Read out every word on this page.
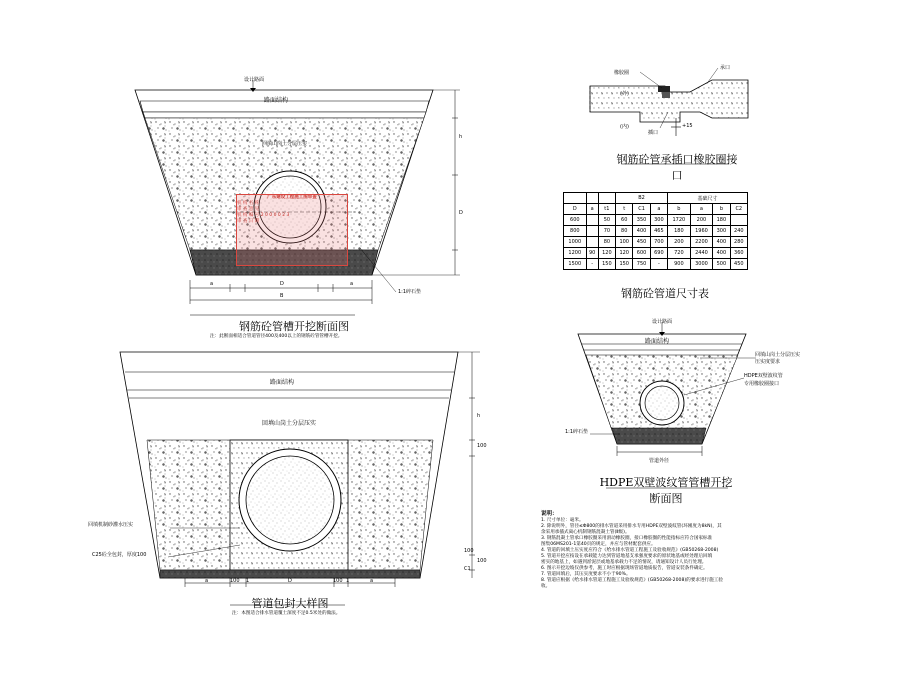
设计路面
路面结构
回填山岗土分层压实
1:1碎石垫
h
D
a	a
D
B
钢筋砼管槽开挖断面图
注：此断面相适合管道管径400及400以上的钢筋砼管管槽开挖。
广东建设工程施工图审查
机 构 名 称
审 查 意 见
机 构 编 号 2 0 0 0 0 2 3
审 查 日 期
路面结构
回填山岗土分层压实
回填机制砂灌水压实
C25砼全包封，厚度100
h
100
100
C1
100
a	100 1	D	100 1	a
管道包封大样图
注：本图适合排水管道覆土深度不足0.5米处的做法。
橡胶圈
承口
(外)
(内)
插口
+15
钢筋砼管承插口橡胶圈接口
			B2			基础尺寸			
D	a	t1	t	C1	a	b	a	b	C2
600		50	60	350	300	1720	200	180	
800		70	80	400	465	180	1960	300	240
1000		80	100	450	700	200	2200	400	280
1200	90	120	120	600	690	720	2440	400	360
1500	-	150	150	750	-	900	3000	500	450
钢筋砼管道尺寸表
设计路面
路面结构
回填山岗土分层压实
压实度要求
HDPE双壁波纹管
专用橡胶圈接口
1:1碎石垫
管道外径
HDPE双壁波纹管管槽开挖断面图
说明：
1. 尺寸单位：毫米。
2. 除说明外，管径≤Φ800的排水管道采用排水专用HDPE双壁波纹管(环刚度为8kN)，其
余采用承插式离心机制钢筋混凝土管(Ⅱ级)。
3. 钢筋混凝土管承口橡胶圈采用滑动橡胶圈，接口橡胶圈的性能指标应符合国家标准
图集06MS201-1第40页的规定，并应与管材配套供应。
4. 管道的回填土压实度应符合《给水排水管道工程施工及验收规范》(GB50268-2008)
5. 管道开挖应按设在承载能力达到管道地基支承强度要求的原状地基或经处理后回填
密实的地基上，如遇到淤泥层或地基承载力不足的情况，请通知设计人员行处理。
6. 图示开挖边坡仅供参考，施工时应根据现场管道地质报告，管道安装条件确定。
7. 管道回填后，其压实度要求不小于90%。
8. 管道应根据《给水排水管道工程施工及验收规范》(GB50268-2008)的要求进行施工验
收。
